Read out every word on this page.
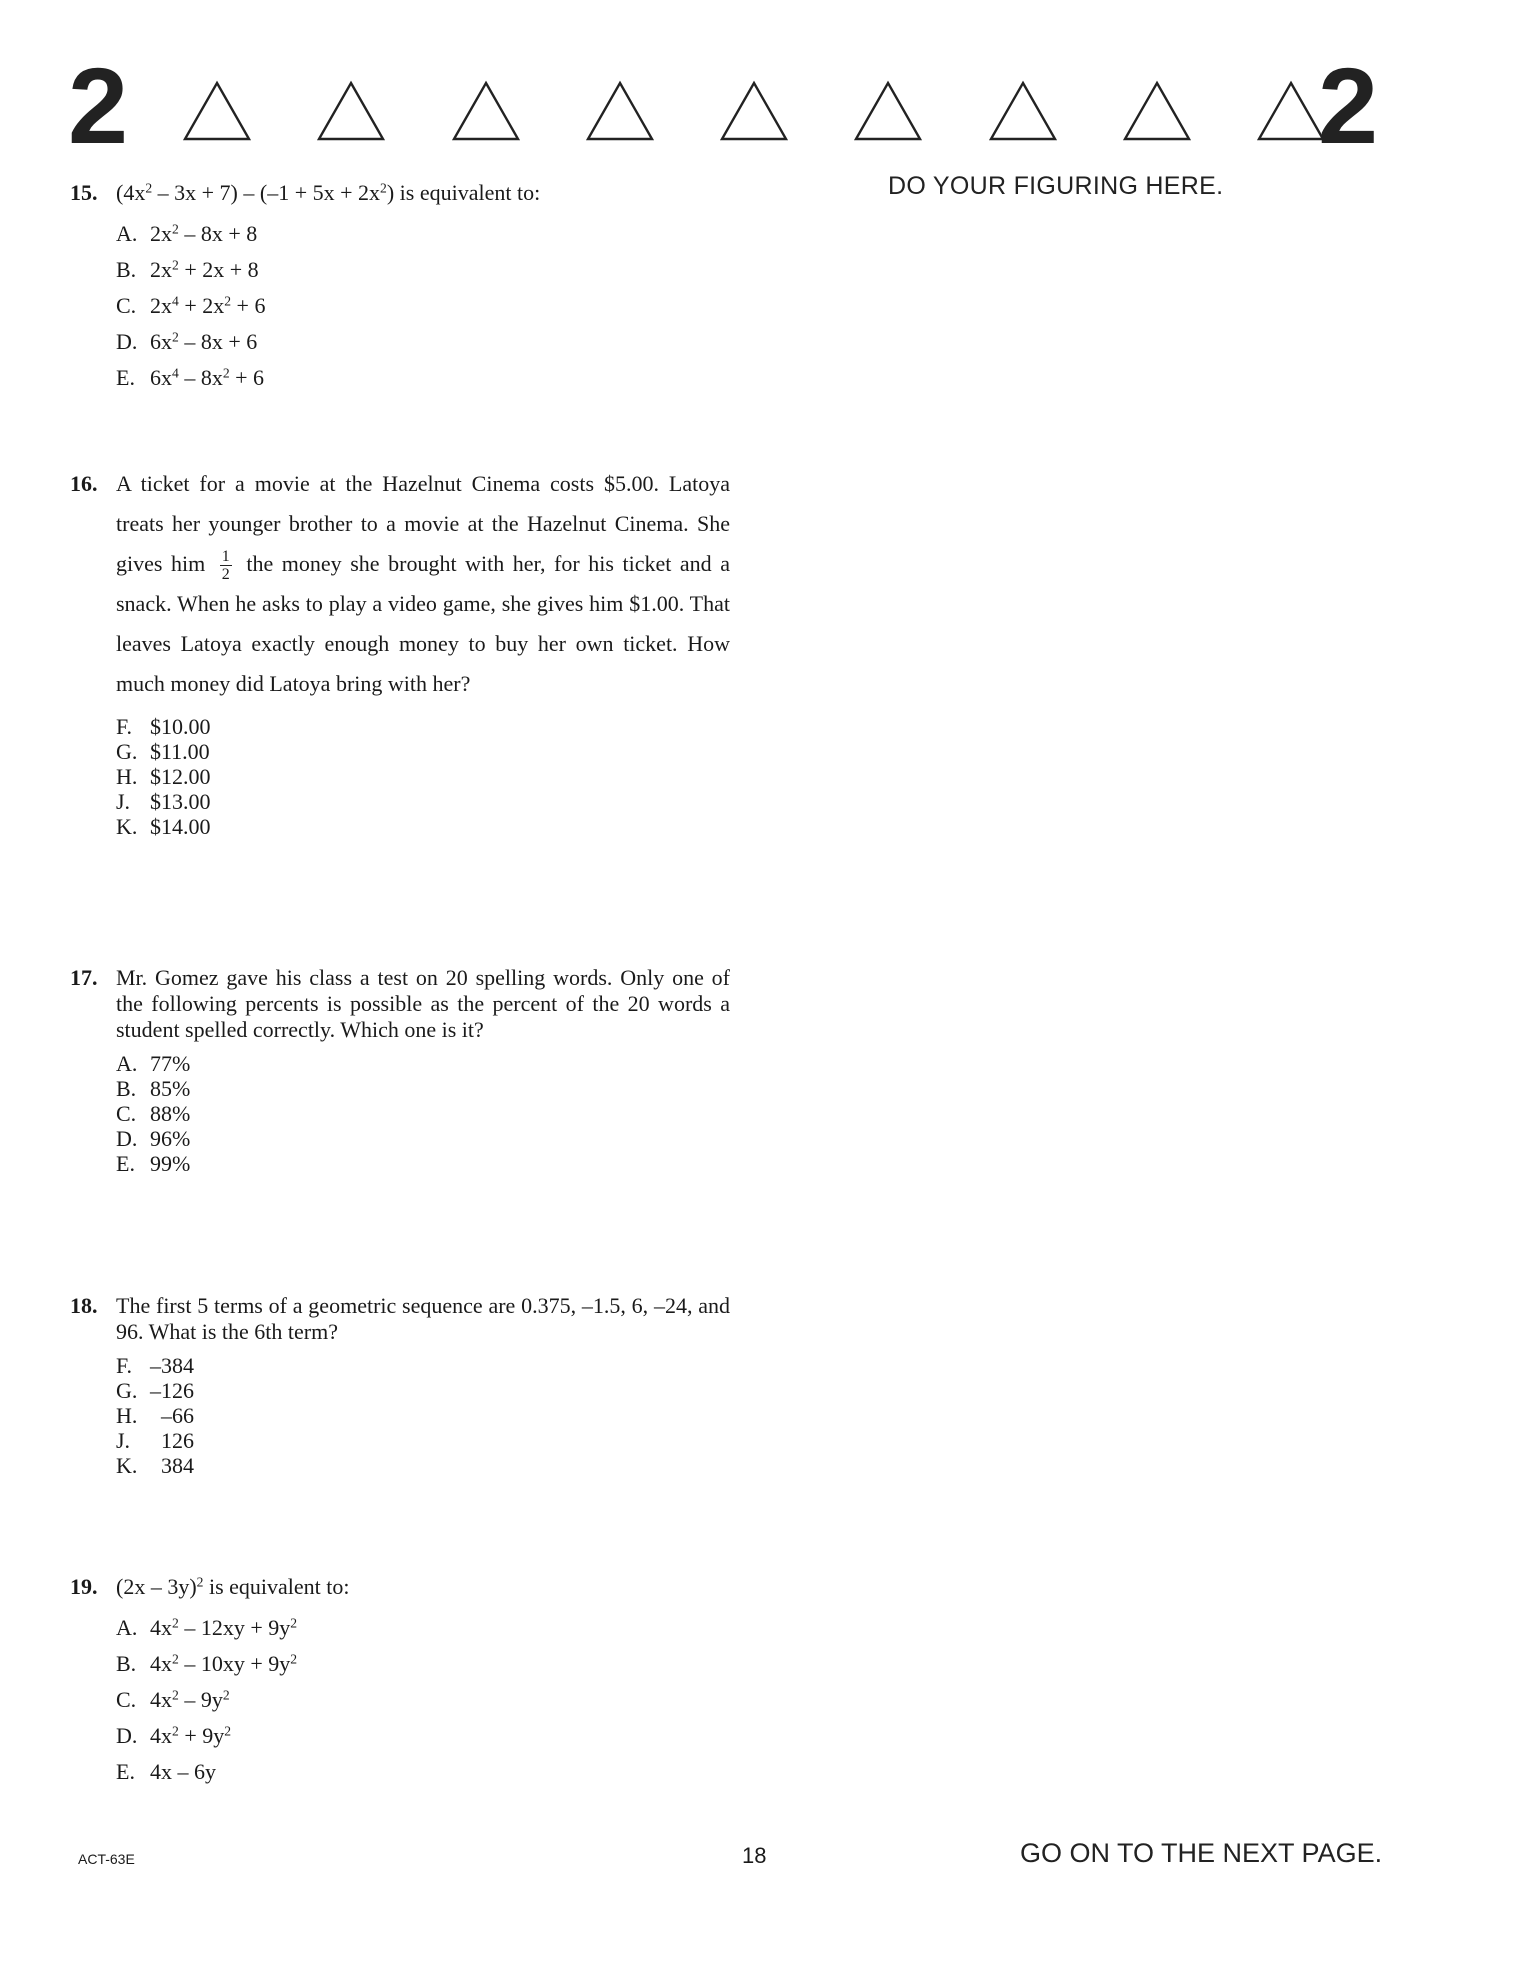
2	2
DO YOUR FIGURING HERE.
15. $(4x^2 - 3x + 7) - (-1 + 5x + 2x^2)$ is equivalent to:
A. $2x^2 - 8x + 8$
B. $2x^2 + 2x + 8$
C. $2x^4 + 2x^2 + 6$
D. $6x^2 - 8x + 6$
E. $6x^4 - 8x^2 + 6$
16. A ticket for a movie at the Hazelnut Cinema costs $5.00. Latoya treats her younger brother to a movie at the Hazelnut Cinema. She gives him $\frac{1}{2}$ the money she brought with her, for his ticket and a snack. When he asks to play a video game, she gives him $1.00. That leaves Latoya exactly enough money to buy her own ticket. How much money did Latoya bring with her?
F. $10.00
G. $11.00
H. $12.00
J. $13.00
K. $14.00
17. Mr. Gomez gave his class a test on 20 spelling words. Only one of the following percents is possible as the percent of the 20 words a student spelled correctly. Which one is it?
A. 77%
B. 85%
C. 88%
D. 96%
E. 99%
18. The first 5 terms of a geometric sequence are 0.375, –1.5, 6, –24, and 96. What is the 6th term?
F. –384
G. –126
H. –66
J. 126
K. 384
19. (2x – 3y)$^2$ is equivalent to:
A. $4x^2 - 12xy + 9y^2$
B. $4x^2 - 10xy + 9y^2$
C. $4x^2 - 9y^2$
D. $4x^2 + 9y^2$
E. 4x – 6y
ACT-63E	18	GO ON TO THE NEXT PAGE.
